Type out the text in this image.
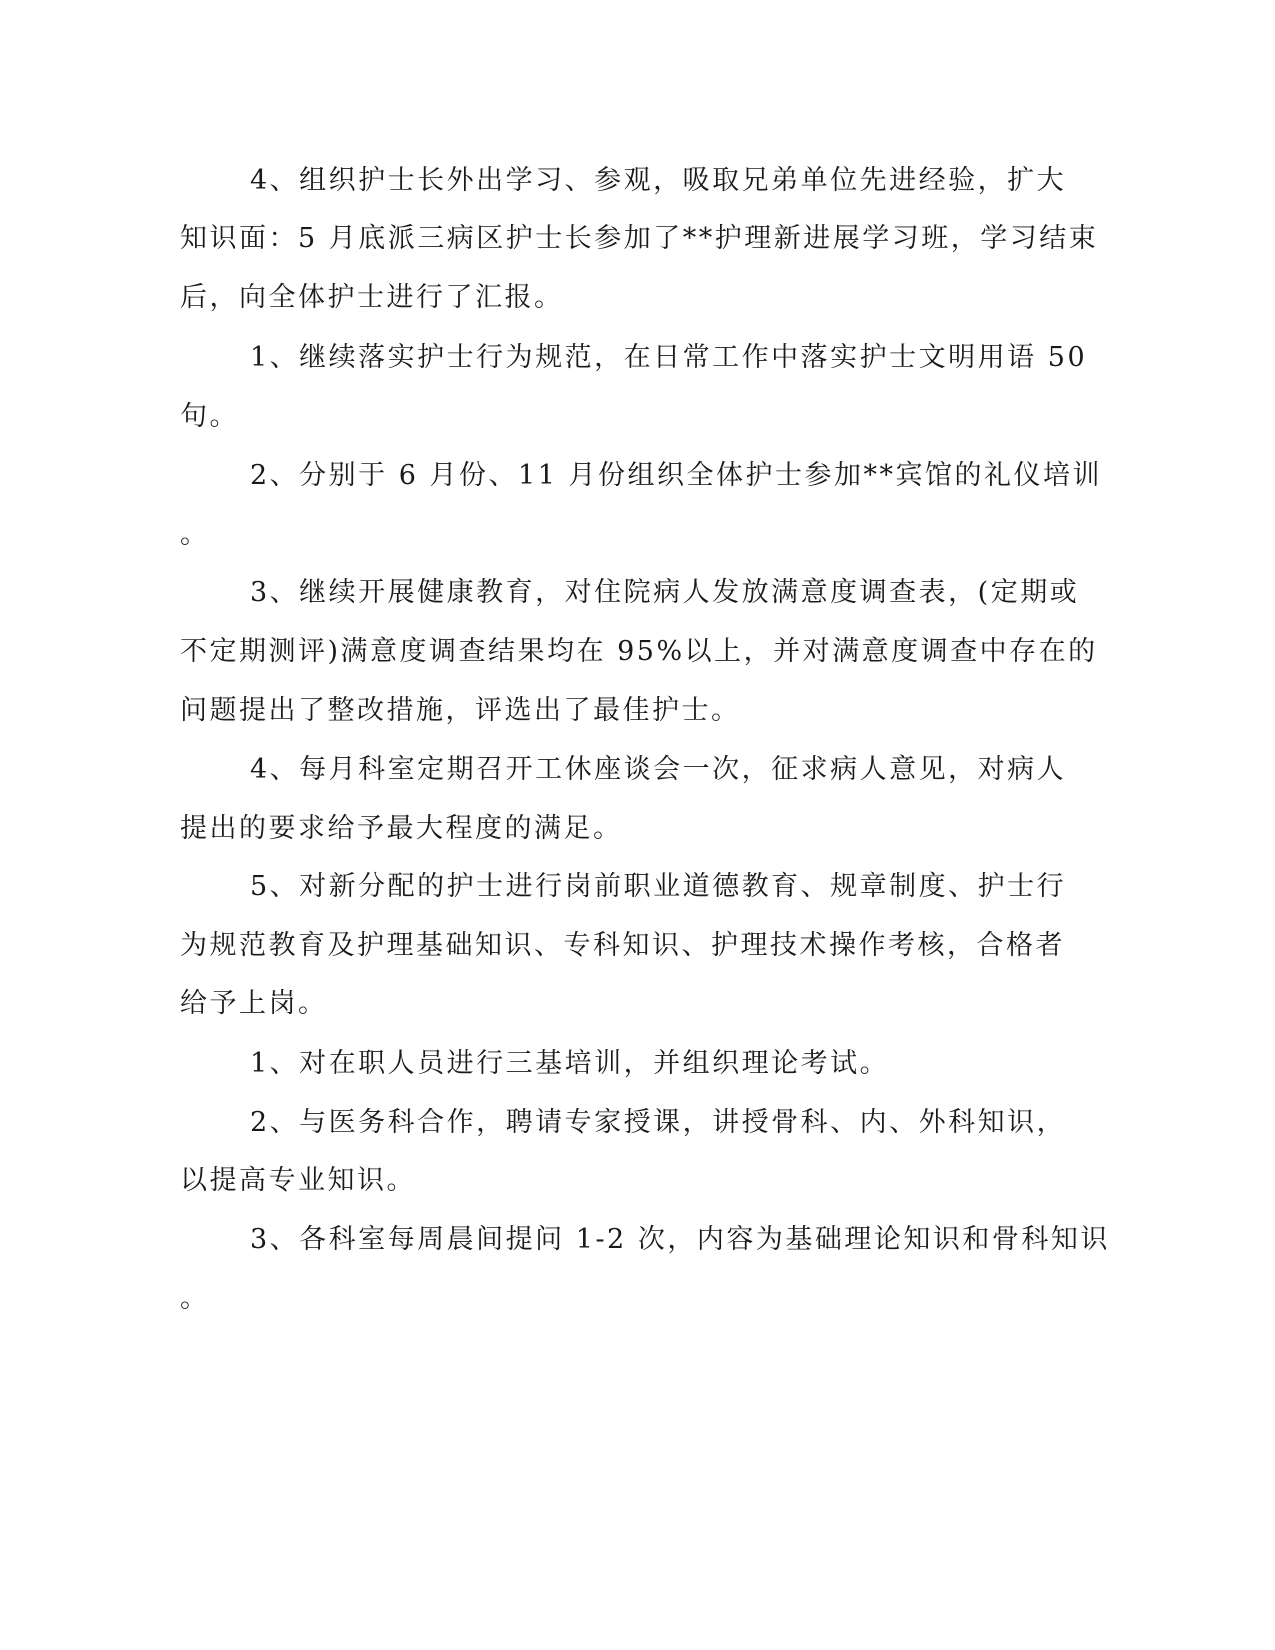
4、组织护士长外出学习、参观，吸取兄弟单位先进经验，扩大
知识面：5 月底派三病区护士长参加了**护理新进展学习班，学习结束
后，向全体护士进行了汇报。
1、继续落实护士行为规范，在日常工作中落实护士文明用语 50
句。
2、分别于 6 月份、11 月份组织全体护士参加**宾馆的礼仪培训
。
3、继续开展健康教育，对住院病人发放满意度调查表，(定期或
不定期测评)满意度调查结果均在 95%以上，并对满意度调查中存在的
问题提出了整改措施，评选出了最佳护士。
4、每月科室定期召开工休座谈会一次，征求病人意见，对病人
提出的要求给予最大程度的满足。
5、对新分配的护士进行岗前职业道德教育、规章制度、护士行
为规范教育及护理基础知识、专科知识、护理技术操作考核，合格者
给予上岗。
1、对在职人员进行三基培训，并组织理论考试。
2、与医务科合作，聘请专家授课，讲授骨科、内、外科知识，
以提高专业知识。
3、各科室每周晨间提问 1-2 次，内容为基础理论知识和骨科知识
。
